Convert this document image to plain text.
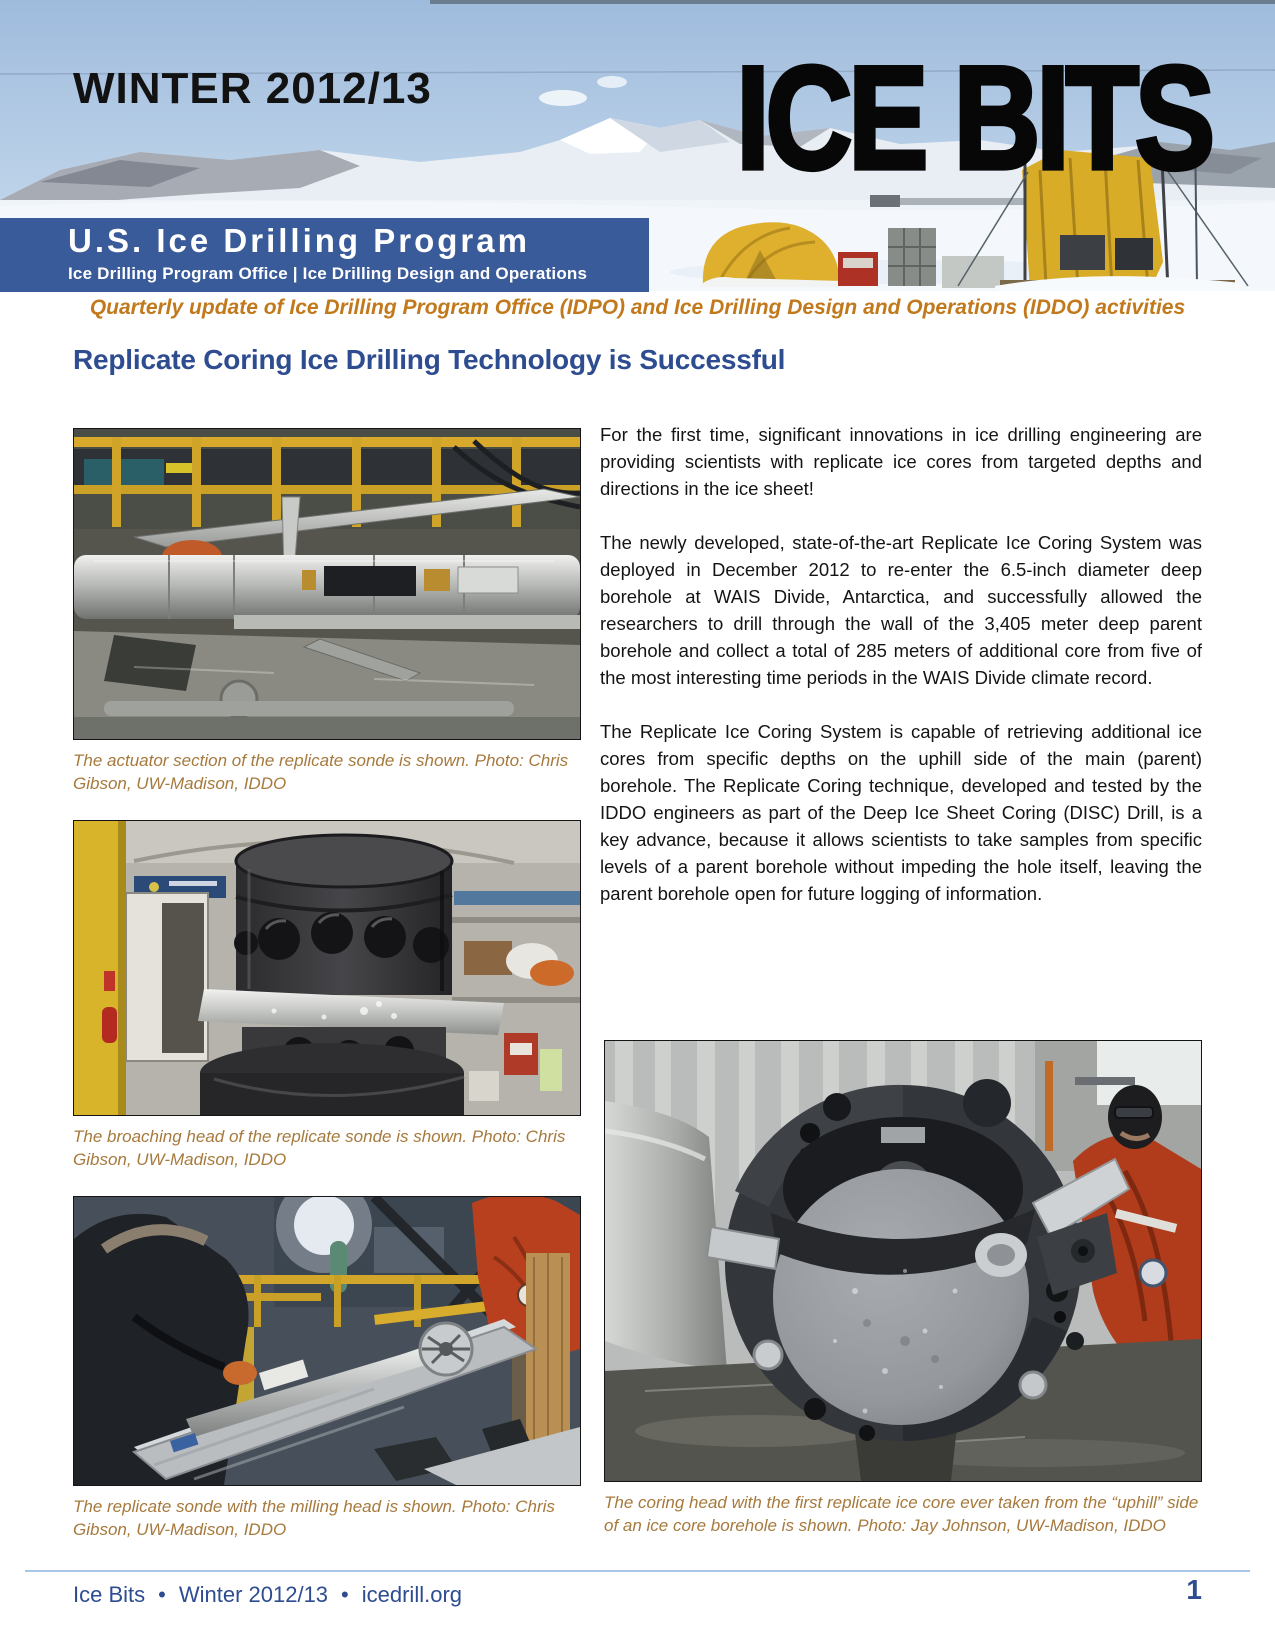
WINTER 2012/13	ICE BITS
U.S. Ice Drilling Program
Ice Drilling Program Office | Ice Drilling Design and Operations
Quarterly update of Ice Drilling Program Office (IDPO) and Ice Drilling Design and Operations (IDDO) activities
Replicate Coring Ice Drilling Technology is Successful

For the first time, significant innovations in ice drilling engineering are providing scientists with replicate ice cores from targeted depths and directions in the ice sheet!

The newly developed, state-of-the-art Replicate Ice Coring System was deployed in December 2012 to re-enter the 6.5-inch diameter deep borehole at WAIS Divide, Antarctica, and successfully allowed the researchers to drill through the wall of the 3,405 meter deep parent borehole and collect a total of 285 meters of additional core from five of the most interesting time periods in the WAIS Divide climate record.

The Replicate Ice Coring System is capable of retrieving additional ice cores from specific depths on the uphill side of the main (parent) borehole. The Replicate Coring technique, developed and tested by the IDDO engineers as part of the Deep Ice Sheet Coring (DISC) Drill, is a key advance, because it allows scientists to take samples from specific levels of a parent borehole without impeding the hole itself, leaving the parent borehole open for future logging of information.

The actuator section of the replicate sonde is shown. Photo: Chris Gibson, UW-Madison, IDDO
The broaching head of the replicate sonde is shown. Photo: Chris Gibson, UW-Madison, IDDO
The replicate sonde with the milling head is shown. Photo: Chris Gibson, UW-Madison, IDDO
The coring head with the first replicate ice core ever taken from the “uphill” side of an ice core borehole is shown. Photo: Jay Johnson, UW-Madison, IDDO
Ice Bits • Winter 2012/13 • icedrill.org	1
